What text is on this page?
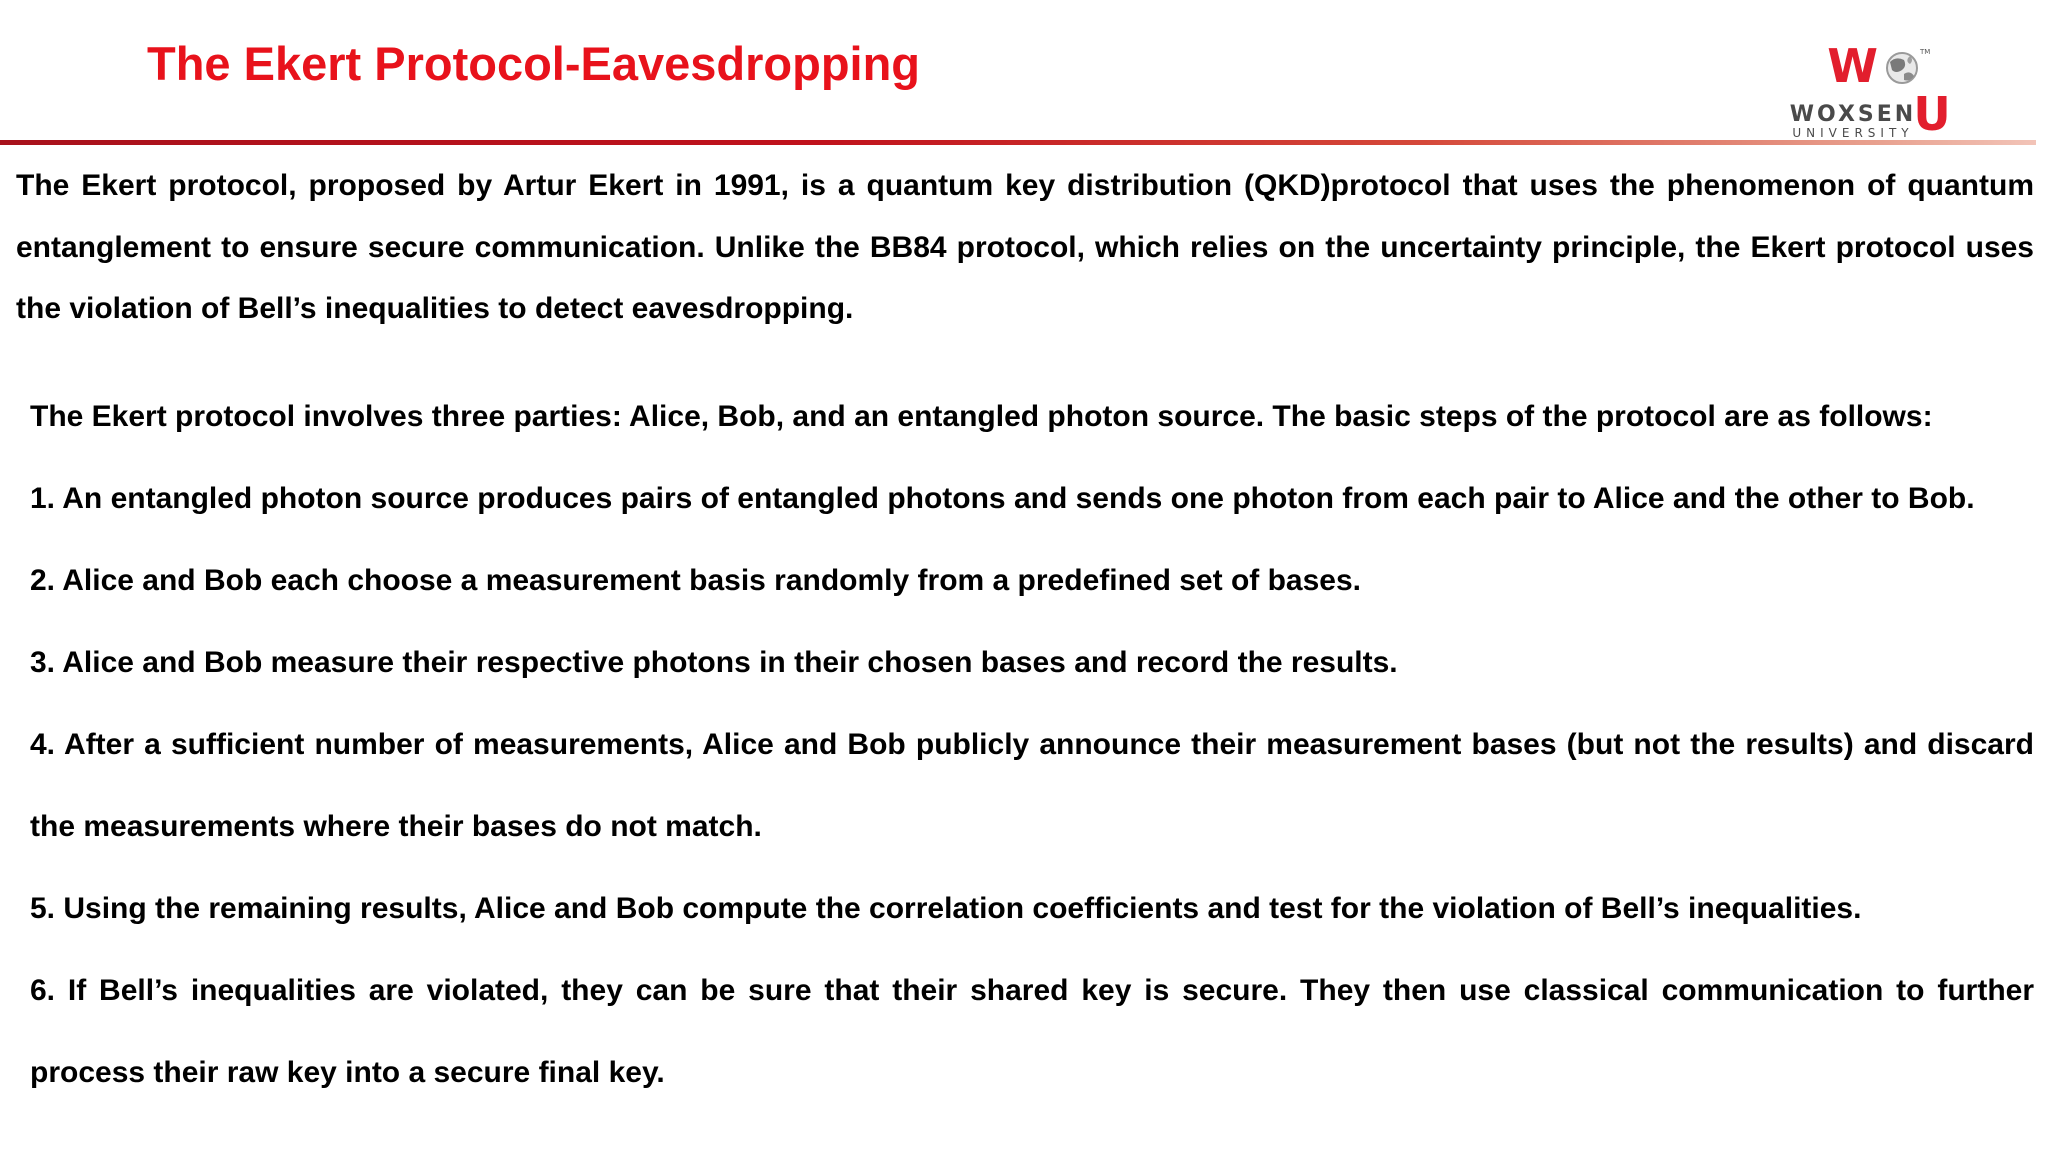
The Ekert Protocol-Eavesdropping	W	TM
U
WOXSEN
UNIVERSITY

The Ekert protocol, proposed by Artur Ekert in 1991, is a quantum key distribution (QKD)protocol that uses the phenomenon of quantum entanglement to ensure secure communication. Unlike the BB84 protocol, which relies on the uncertainty principle, the Ekert protocol uses the violation of Bell’s inequalities to detect eavesdropping.

The Ekert protocol involves three parties: Alice, Bob, and an entangled photon source. The basic steps of the protocol are as follows:
1. An entangled photon source produces pairs of entangled photons and sends one photon from each pair to Alice and the other to Bob.
2. Alice and Bob each choose a measurement basis randomly from a predefined set of bases.
3. Alice and Bob measure their respective photons in their chosen bases and record the results.
4. After a sufficient number of measurements, Alice and Bob publicly announce their measurement bases (but not the results) and discard the measurements where their bases do not match.
5. Using the remaining results, Alice and Bob compute the correlation coefficients and test for the violation of Bell’s inequalities.
6. If Bell’s inequalities are violated, they can be sure that their shared key is secure. They then use classical communication to further process their raw key into a secure final key.
